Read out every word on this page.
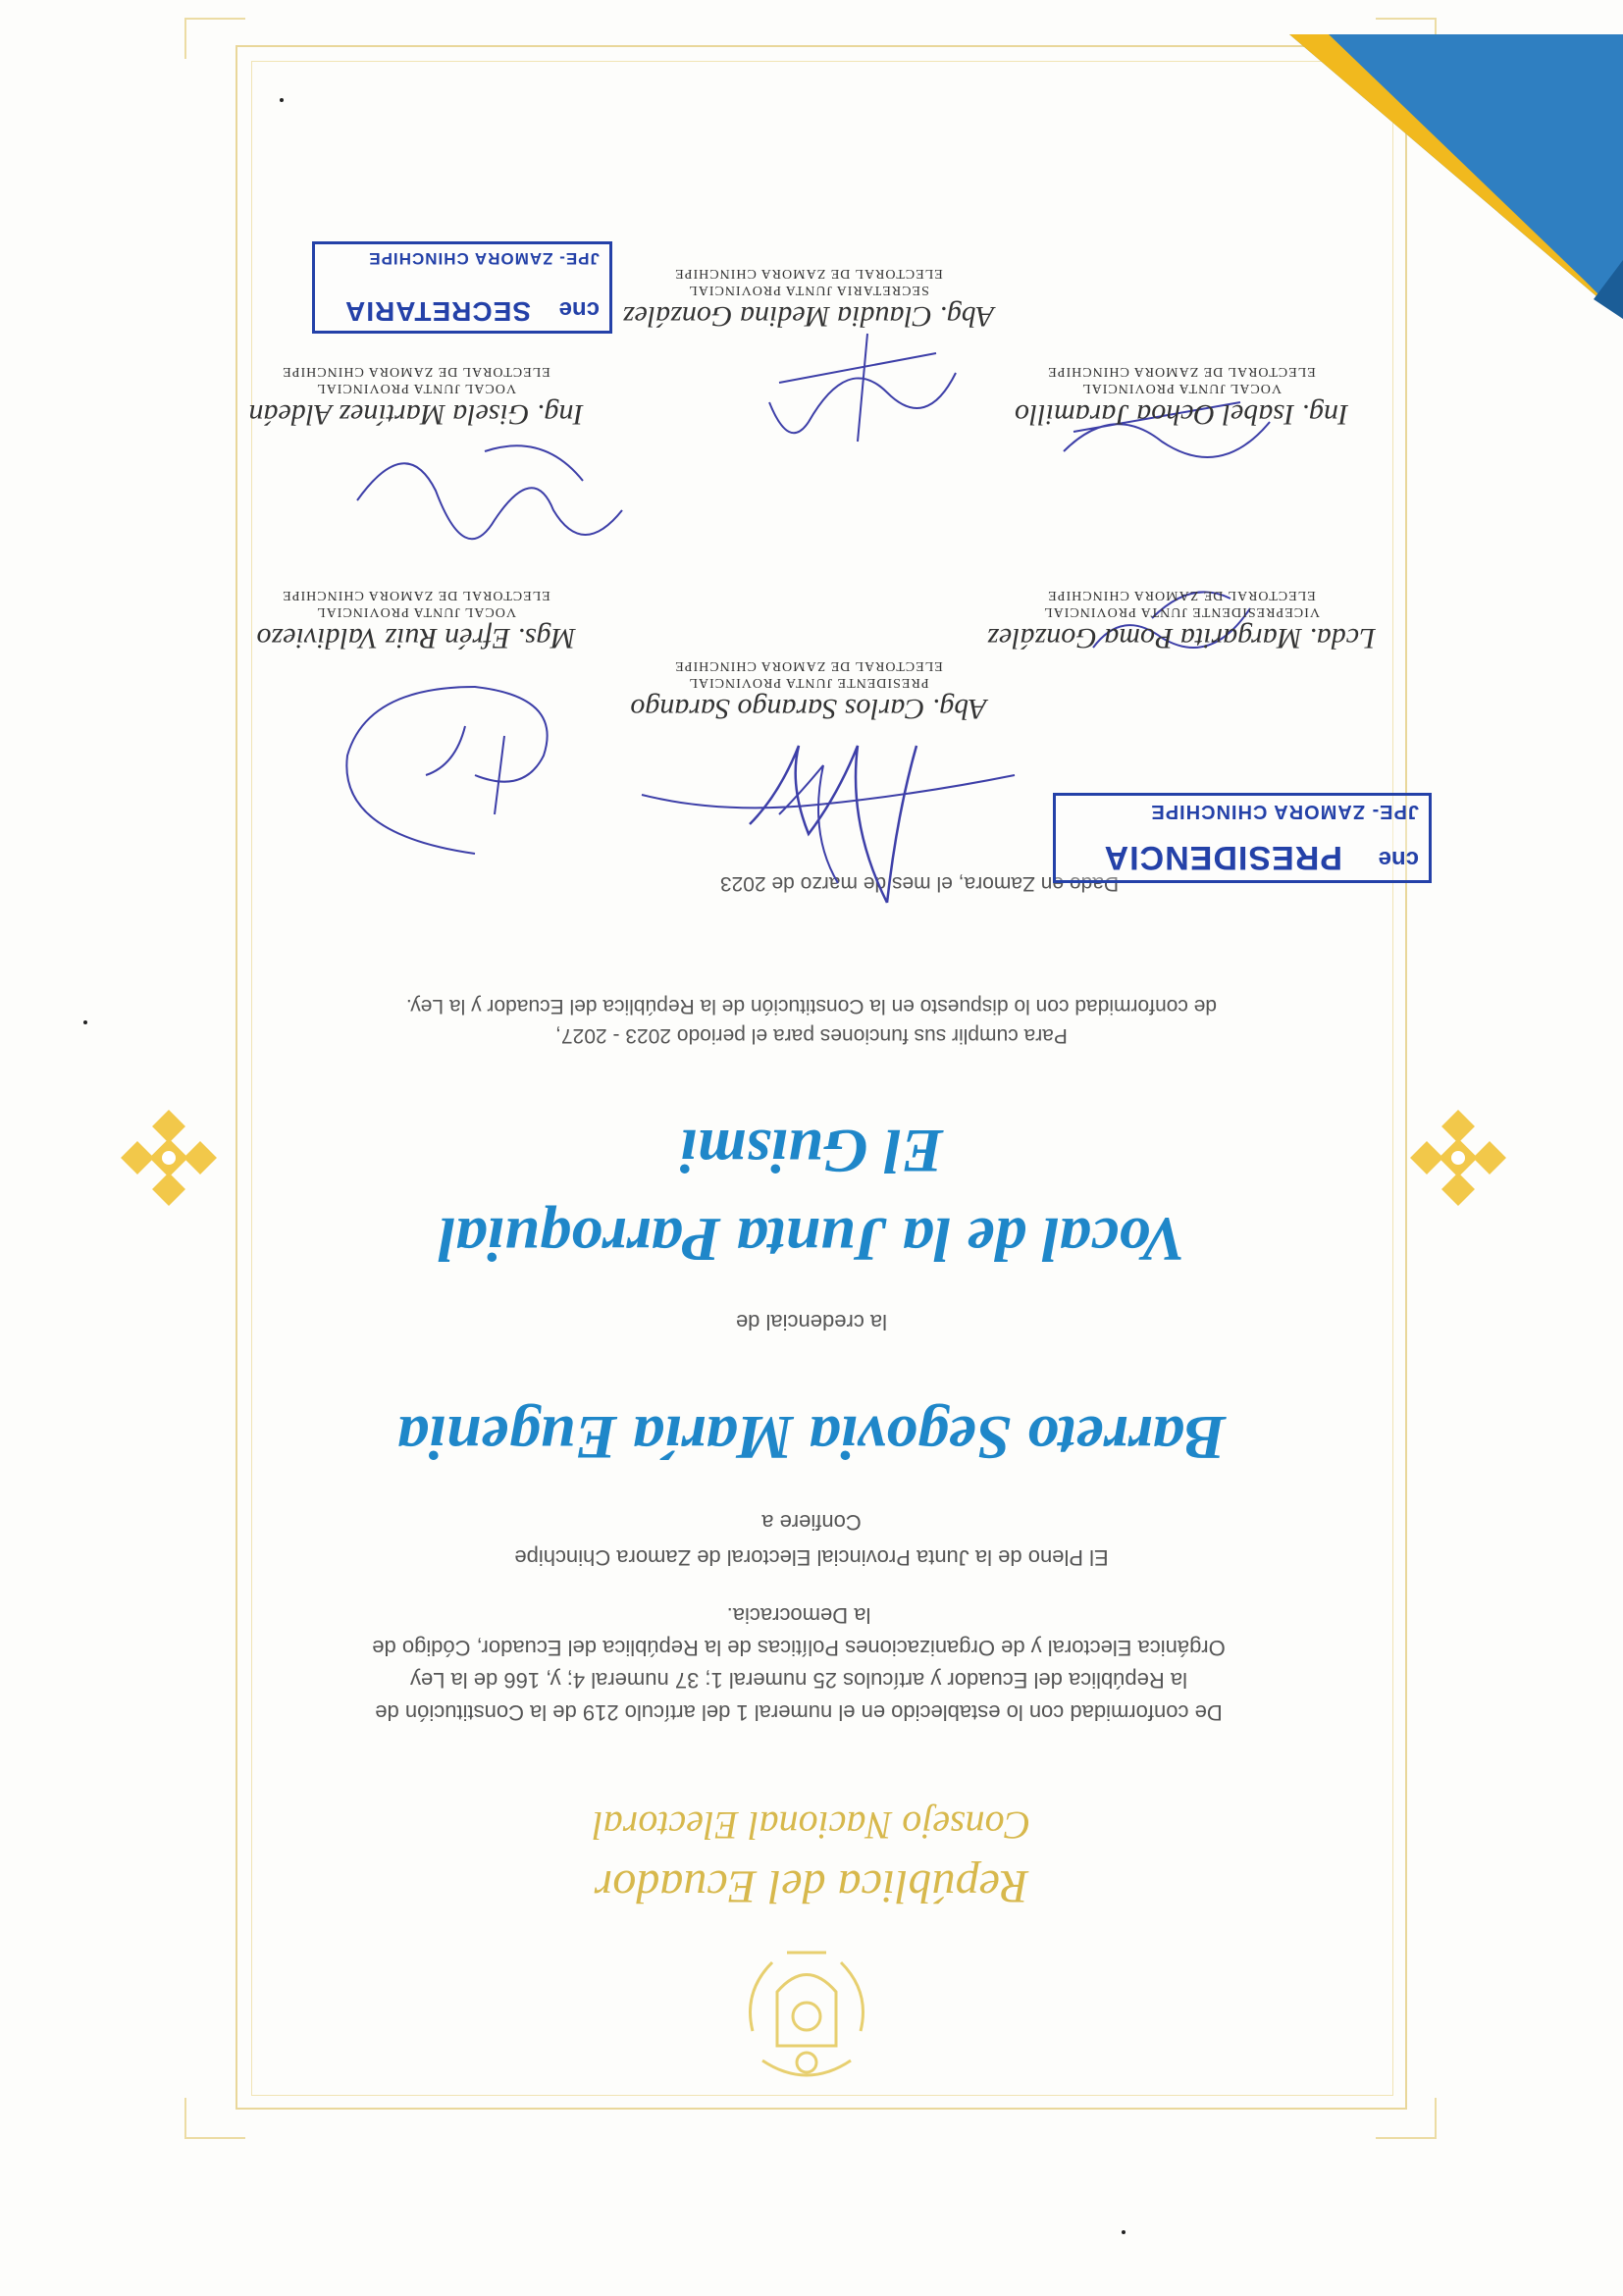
República del Ecuador
Consejo Nacional Electoral
De conformidad con lo establecido en el numeral 1 del artículo 219 de la Constitución de la República del Ecuador y artículos 25 numeral 1; 37 numeral 4; y, 166 de la Ley Orgánica Electoral y de Organizaciones Políticas de la República del Ecuador, Código de la Democracia.
El Pleno de la Junta Provincial Electoral de Zamora Chinchipe
Confiere a
Barreto Segovia María Eugenia
la credencial de
Vocal de la Junta Parroquial
El Guismi
Para cumplir sus funciones para el periodo 2023 - 2027,
de conformidad con lo dispuesto en la Constitución de la República del Ecuador y la Ley.
Dado en Zamora, el mes de marzo de 2023
cne
PRESIDENCIA
JPE- ZAMORA CHINCHIPE
Abg. Carlos Sarango Sarango
PRESIDENTE JUNTA PROVINCIAL
ELECTORAL DE ZAMORA CHINCHIPE
Lcda. Margarita Poma González
VICEPRESIDENTE JUNTA PROVINCIAL
ELECTORAL DE ZAMORA CHINCHIPE
Mgs. Efrén Ruiz Valdiviezo
VOCAL JUNTA PROVINCIAL
ELECTORAL DE ZAMORA CHINCHIPE
Ing. Isabel Ochoa Jaramillo
VOCAL JUNTA PROVINCIAL
ELECTORAL DE ZAMORA CHINCHIPE
Ing. Gisela Martínez Aldeán
VOCAL JUNTA PROVINCIAL
ELECTORAL DE ZAMORA CHINCHIPE
Abg. Claudia Medina González
SECRETARIA JUNTA PROVINCIAL
ELECTORAL DE ZAMORA CHINCHIPE
cne
SECRETARIA
JPE- ZAMORA CHINCHIPE
